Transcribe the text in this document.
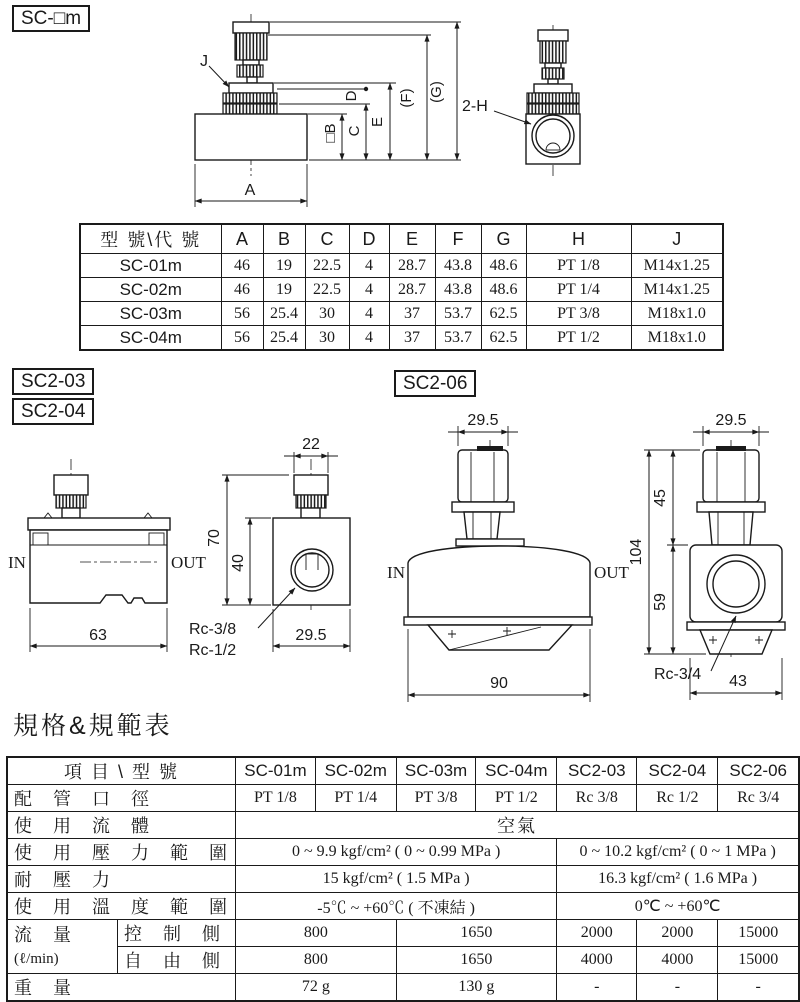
SC-□m
SC2-03
SC2-04
SC2-06
J
A
□B C
D
E
(F) (G)
2-H
型 號\代 號	A	B	C	D	E	F	G	H	J
SC-01m	46	19	22.5	4	28.7	43.8	48.6	PT 1/8	M14x1.25
SC-02m	46	19	22.5	4	28.7	43.8	48.6	PT 1/4	M14x1.25
SC-03m	56	25.4	30	4	37	53.7	62.5	PT 3/8	M18x1.0
SC-04m	56	25.4	30	4	37	53.7	62.5	PT 1/2	M18x1.0
IN	OUT
63
22
70
40
29.5
Rc-3/8
Rc-1/2
IN	OUT
29.5
90
29.5
104
45
59
Rc-3/4 43
規格&規範表
項 目 \ 型 號		SC-01m	SC-02m	SC-03m	SC-04m	SC2-03	SC2-04	SC2-06
配 管 口 徑		PT 1/8	PT 1/4	PT 3/8	PT 1/2	Rc 3/8	Rc 1/2	Rc 3/4
使 用 流 體		空氣						
使 用 壓 力 範 圍		0 ~ 9.9 kgf/cm² ( 0 ~ 0.99 MPa )				0 ~ 10.2 kgf/cm² ( 0 ~ 1 MPa )		
耐 壓 力		15 kgf/cm² ( 1.5 MPa )				16.3 kgf/cm² ( 1.6 MPa )		
使 用 溫 度 範 圍		-5℃ ~ +60℃ ( 不凍結 )				0℃ ~ +60℃		

流 量
(ℓ/min)	控 制 側	800		1650		2000	2000	15000
	自 由 側	800		1650		4000	4000	15000
重 量		72 g		130 g		-	-	-
